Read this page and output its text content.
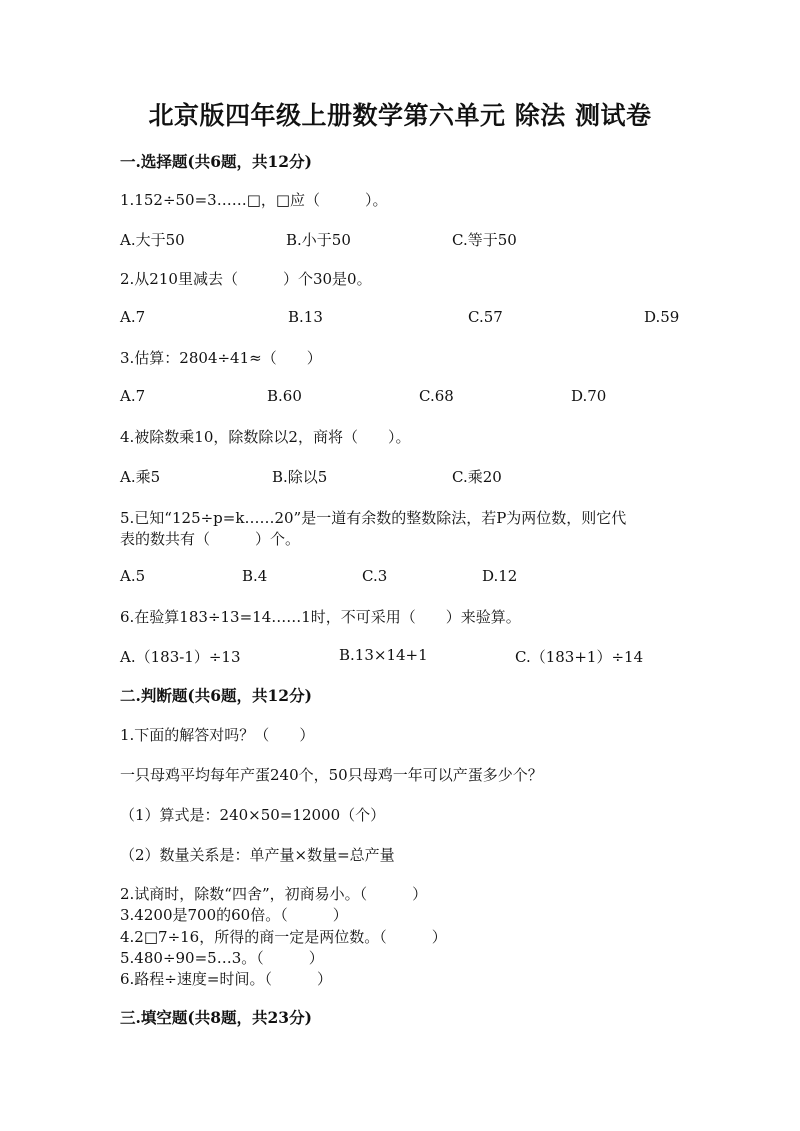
北京版四年级上册数学第六单元 除法 测试卷
一.选择题(共6题，共12分)
1.152÷50=3……□，□应（　　　）。
A.大于50	B.小于50	C.等于50
2.从210里减去（　　　）个30是0。
A.7	B.13	C.57	D.59
3.估算：2804÷41≈（　　）
A.7	B.60	C.68	D.70
4.被除数乘10，除数除以2，商将（　　）。
A.乘5	B.除以5	C.乘20
5.已知“125÷p=k……20”是一道有余数的整数除法，若P为两位数，则它代
表的数共有（　　　）个。
A.5	B.4	C.3	D.12
6.在验算183÷13=14……1时，不可采用（　　）来验算。
A.（183-1）÷13	B.13×14+1	C.（183+1）÷14
二.判断题(共6题，共12分)
1.下面的解答对吗？（　　）
一只母鸡平均每年产蛋240个，50只母鸡一年可以产蛋多少个？
（1）算式是：240×50=12000（个）
（2）数量关系是：单产量×数量=总产量
2.试商时，除数“四舍”，初商易小。（　　　）
3.4200是700的60倍。（　　　）
4.2□7÷16，所得的商一定是两位数。（　　　）
5.480÷90=5…3。（　　　）
6.路程÷速度=时间。（　　　）
三.填空题(共8题，共23分)
